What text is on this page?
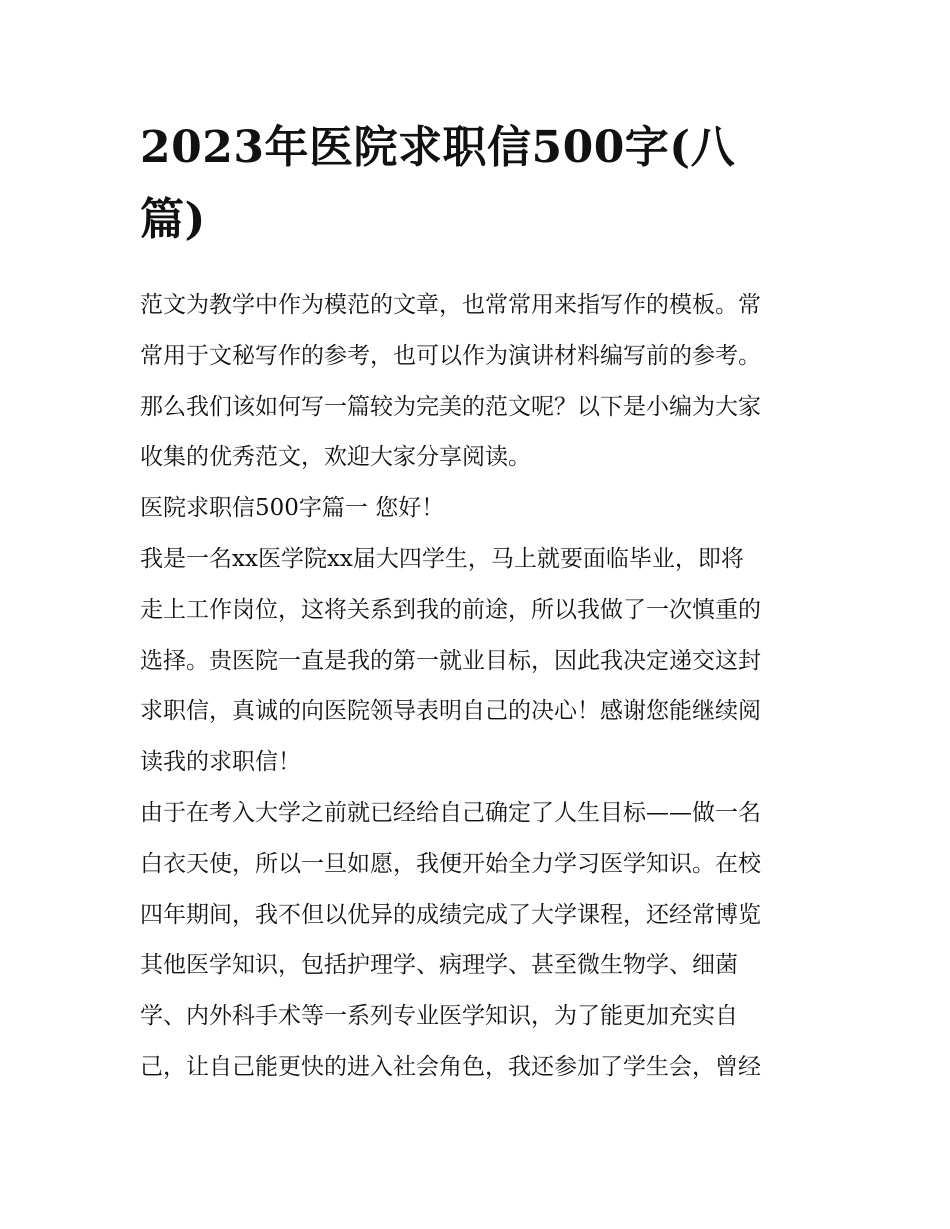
2023年医院求职信500字(八
篇)
范文为教学中作为模范的文章，也常常用来指写作的模板。常
常用于文秘写作的参考，也可以作为演讲材料编写前的参考。
那么我们该如何写一篇较为完美的范文呢？以下是小编为大家
收集的优秀范文，欢迎大家分享阅读。
医院求职信500字篇一 您好！
我是一名xx医学院xx届大四学生，马上就要面临毕业，即将
走上工作岗位，这将关系到我的前途，所以我做了一次慎重的
选择。贵医院一直是我的第一就业目标，因此我决定递交这封
求职信，真诚的向医院领导表明自己的决心！感谢您能继续阅
读我的求职信！
由于在考入大学之前就已经给自己确定了人生目标——做一名
白衣天使，所以一旦如愿，我便开始全力学习医学知识。在校
四年期间，我不但以优异的成绩完成了大学课程，还经常博览
其他医学知识，包括护理学、病理学、甚至微生物学、细菌
学、内外科手术等一系列专业医学知识，为了能更加充实自
己，让自己能更快的进入社会角色，我还参加了学生会，曾经
